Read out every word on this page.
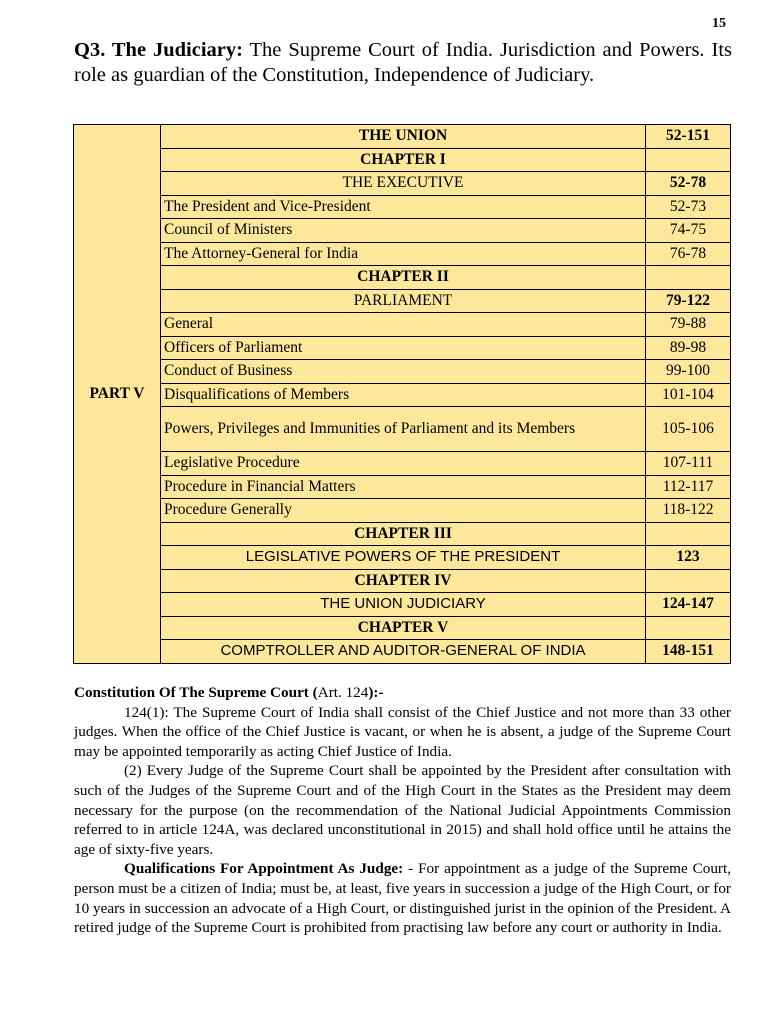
15
Q3. The Judiciary: The Supreme Court of India. Jurisdiction and Powers. Its role as guardian of the Constitution, Independence of Judiciary.
PART V	THE UNION	52-151
	CHAPTER I	
	THE EXECUTIVE	52-78
	The President and Vice-President	52-73
	Council of Ministers	74-75
	The Attorney-General for India	76-78
	CHAPTER II	
	PARLIAMENT	79-122
	General	79-88
	Officers of Parliament	89-98
	Conduct of Business	99-100
	Disqualifications of Members	101-104
	Powers, Privileges and Immunities of Parliament and its Members	105-106
	Legislative Procedure	107-111
	Procedure in Financial Matters	112-117
	Procedure Generally	118-122
	CHAPTER III	
	LEGISLATIVE POWERS OF THE PRESIDENT	123
	CHAPTER IV	
	THE UNION JUDICIARY	124-147
	CHAPTER V	
	COMPTROLLER AND AUDITOR-GENERAL OF INDIA	148-151

Constitution Of The Supreme Court (Art. 124):-

124(1): The Supreme Court of India shall consist of the Chief Justice and not more than 33 other judges. When the office of the Chief Justice is vacant, or when he is absent, a judge of the Supreme Court may be appointed temporarily as acting Chief Justice of India.

(2) Every Judge of the Supreme Court shall be appointed by the President after consultation with such of the Judges of the Supreme Court and of the High Court in the States as the President may deem necessary for the purpose (on the recommendation of the National Judicial Appointments Commission referred to in article 124A, was declared unconstitutional in 2015) and shall hold office until he attains the age of sixty-five years.

Qualifications For Appointment As Judge: - For appointment as a judge of the Supreme Court, person must be a citizen of India; must be, at least, five years in succession a judge of the High Court, or for 10 years in succession an advocate of a High Court, or distinguished jurist in the opinion of the President. A retired judge of the Supreme Court is prohibited from practising law before any court or authority in India.
